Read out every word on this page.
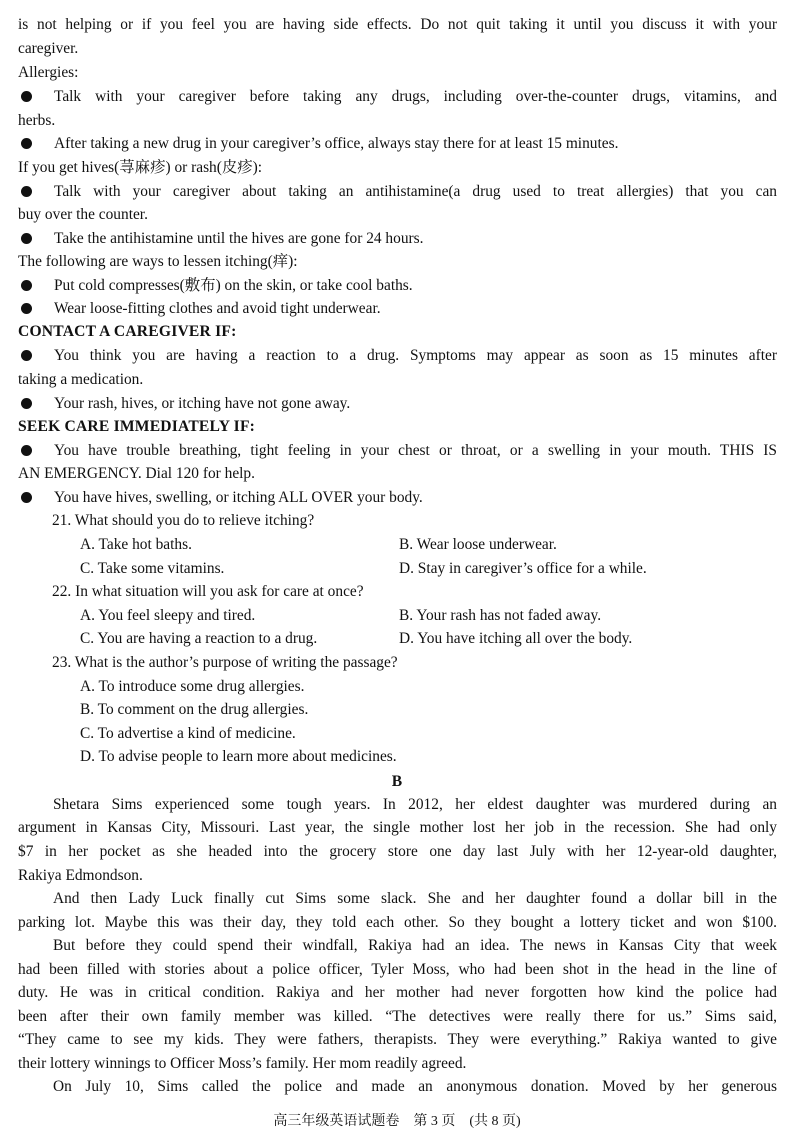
is not helping or if you feel you are having side effects. Do not quit taking it until you discuss it with your
caregiver.
Allergies:
Talk with your caregiver before taking any drugs, including over-the-counter drugs, vitamins, and
herbs.
After taking a new drug in your caregiver’s office, always stay there for at least 15 minutes.
If you get hives(荨麻疹) or rash(皮疹):
Talk with your caregiver about taking an antihistamine(a drug used to treat allergies) that you can
buy over the counter.
Take the antihistamine until the hives are gone for 24 hours.
The following are ways to lessen itching(痒):
Put cold compresses(敷布) on the skin, or take cool baths.
Wear loose-fitting clothes and avoid tight underwear.
CONTACT A CAREGIVER IF:
You think you are having a reaction to a drug. Symptoms may appear as soon as 15 minutes after
taking a medication.
Your rash, hives, or itching have not gone away.
SEEK CARE IMMEDIATELY IF:
You have trouble breathing, tight feeling in your chest or throat, or a swelling in your mouth. THIS IS
AN EMERGENCY. Dial 120 for help.
You have hives, swelling, or itching ALL OVER your body.
21. What should you do to relieve itching?
A. Take hot baths.	B. Wear loose underwear.
C. Take some vitamins.	D. Stay in caregiver’s office for a while.
22. In what situation will you ask for care at once?
A. You feel sleepy and tired.	B. Your rash has not faded away.
C. You are having a reaction to a drug.	D. You have itching all over the body.
23. What is the author’s purpose of writing the passage?
A. To introduce some drug allergies.
B. To comment on the drug allergies.
C. To advertise a kind of medicine.
D. To advise people to learn more about medicines.
B
Shetara Sims experienced some tough years. In 2012, her eldest daughter was murdered during an
argument in Kansas City, Missouri. Last year, the single mother lost her job in the recession. She had only
$7 in her pocket as she headed into the grocery store one day last July with her 12-year-old daughter,
Rakiya Edmondson.
And then Lady Luck finally cut Sims some slack. She and her daughter found a dollar bill in the
parking lot. Maybe this was their day, they told each other. So they bought a lottery ticket and won $100.
But before they could spend their windfall, Rakiya had an idea. The news in Kansas City that week
had been filled with stories about a police officer, Tyler Moss, who had been shot in the head in the line of
duty. He was in critical condition. Rakiya and her mother had never forgotten how kind the police had
been after their own family member was killed. “The detectives were really there for us.” Sims said,
“They came to see my kids. They were fathers, therapists. They were everything.” Rakiya wanted to give
their lottery winnings to Officer Moss’s family. Her mom readily agreed.
On July 10, Sims called the police and made an anonymous donation. Moved by her generous
高三年级英语试题卷　第 3 页　(共 8 页)
